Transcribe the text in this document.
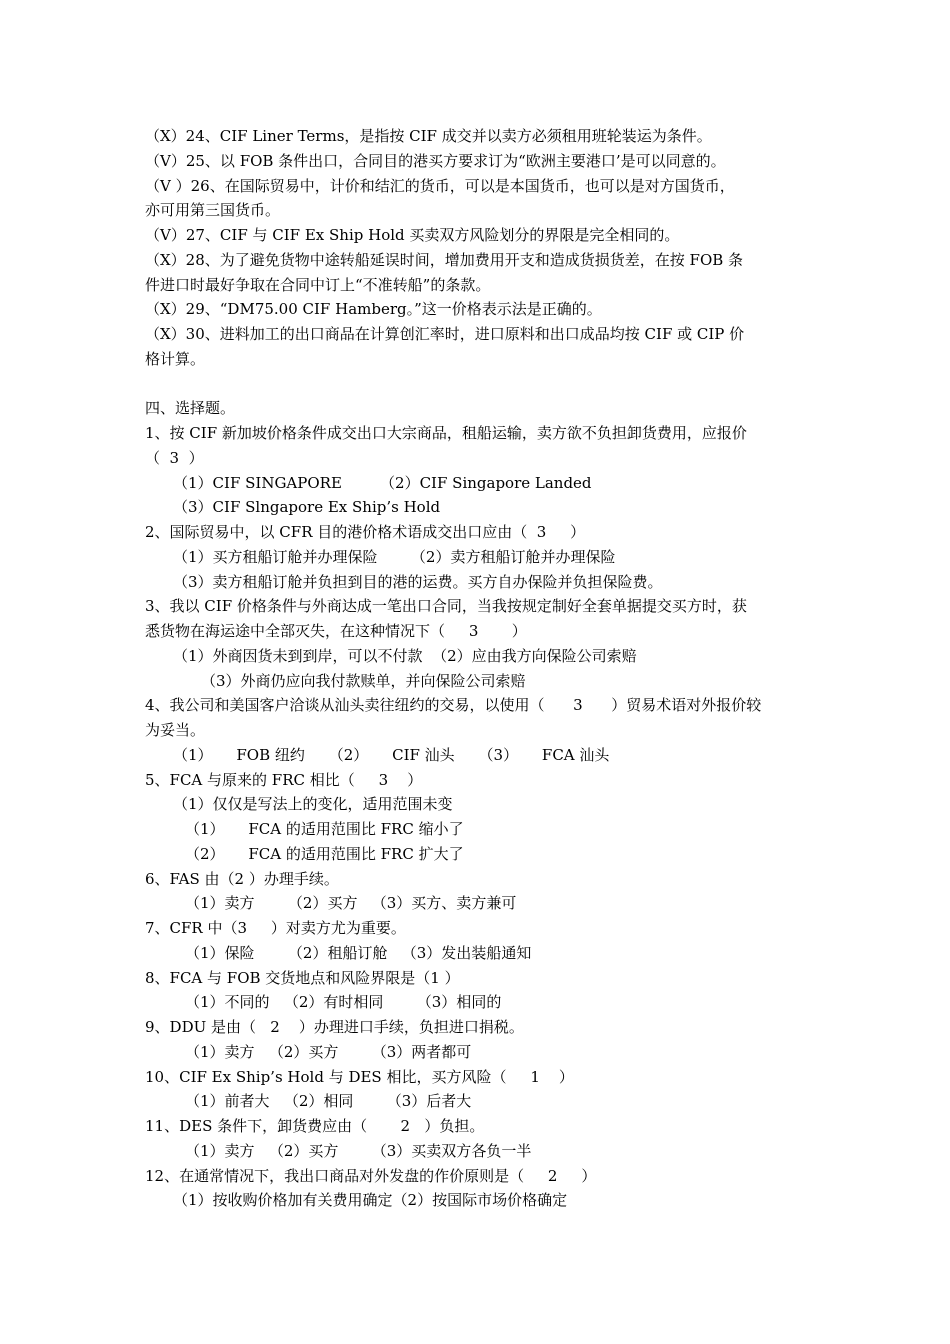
（X）24、CIF Liner Terms，是指按 CIF 成交并以卖方必须租用班轮装运为条件。
（V）25、以 FOB 条件出口，合同目的港买方要求订为“欧洲主要港口’是可以同意的。
（V ）26、在国际贸易中，计价和结汇的货币，可以是本国货币，也可以是对方国货币，
亦可用第三国货币。
（V）27、CIF 与 CIF Ex Ship Hold 买卖双方风险划分的界限是完全相同的。
（X）28、为了避免货物中途转船延误时间，增加费用开支和造成货损货差，在按 FOB 条
件进口时最好争取在合同中订上“不准转船”的条款。
（X）29、“DM75.00 CIF Hamberg。”这一价格表示法是正确的。
（X）30、进料加工的出口商品在计算创汇率时，进口原料和出口成品均按 CIF 或 CIP 价
格计算。
四、选择题。
1、按 CIF 新加坡价格条件成交出口大宗商品，租船运输，卖方欲不负担卸货费用，应报价
（  3  ）
（1）CIF SINGAPORE        （2）CIF Singapore Landed
（3）CIF Slngapore Ex Ship’s Hold
2、国际贸易中，以 CFR 目的港价格术语成交出口应由（  3     ）
（1）买方租船订舱并办理保险       （2）卖方租船订舱并办理保险
（3）卖方租船订舱并负担到目的港的运费。买方自办保险并负担保险费。
3、我以 CIF 价格条件与外商达成一笔出口合同，当我按规定制好全套单据提交买方时，获
悉货物在海运途中全部灭失，在这种情况下（     3       ）
（1）外商因货未到到岸，可以不付款  （2）应由我方向保险公司索赔
（3）外商仍应向我付款赎单，并向保险公司索赔
4、我公司和美国客户洽谈从汕头卖往纽约的交易，以使用（      3      ）贸易术语对外报价较
为妥当。
（1）     FOB 纽约     （2）     CIF 汕头     （3）     FCA 汕头
5、FCA 与原来的 FRC 相比（     3    ）
（1）仅仅是写法上的变化，适用范围未变
（1）     FCA 的适用范围比 FRC 缩小了
（2）     FCA 的适用范围比 FRC 扩大了
6、FAS 由（2 ）办理手续。
（1）卖方       （2）买方   （3）买方、卖方兼可
7、CFR 中（3     ）对卖方尤为重要。
（1）保险       （2）租船订舱   （3）发出装船通知
8、FCA 与 FOB 交货地点和风险界限是（1 ）
（1）不同的   （2）有时相同       （3）相同的
9、DDU 是由（   2    ）办理进口手续，负担进口捐税。
（1）卖方   （2）买方       （3）两者都可
10、CIF Ex Ship’s Hold 与 DES 相比，买方风险（     1    ）
（1）前者大   （2）相同       （3）后者大
11、DES 条件下，卸货费应由（       2   ）负担。
（1）卖方   （2）买方       （3）买卖双方各负一半
12、在通常情况下，我出口商品对外发盘的作价原则是（     2     ）
（1）按收购价格加有关费用确定（2）按国际市场价格确定
